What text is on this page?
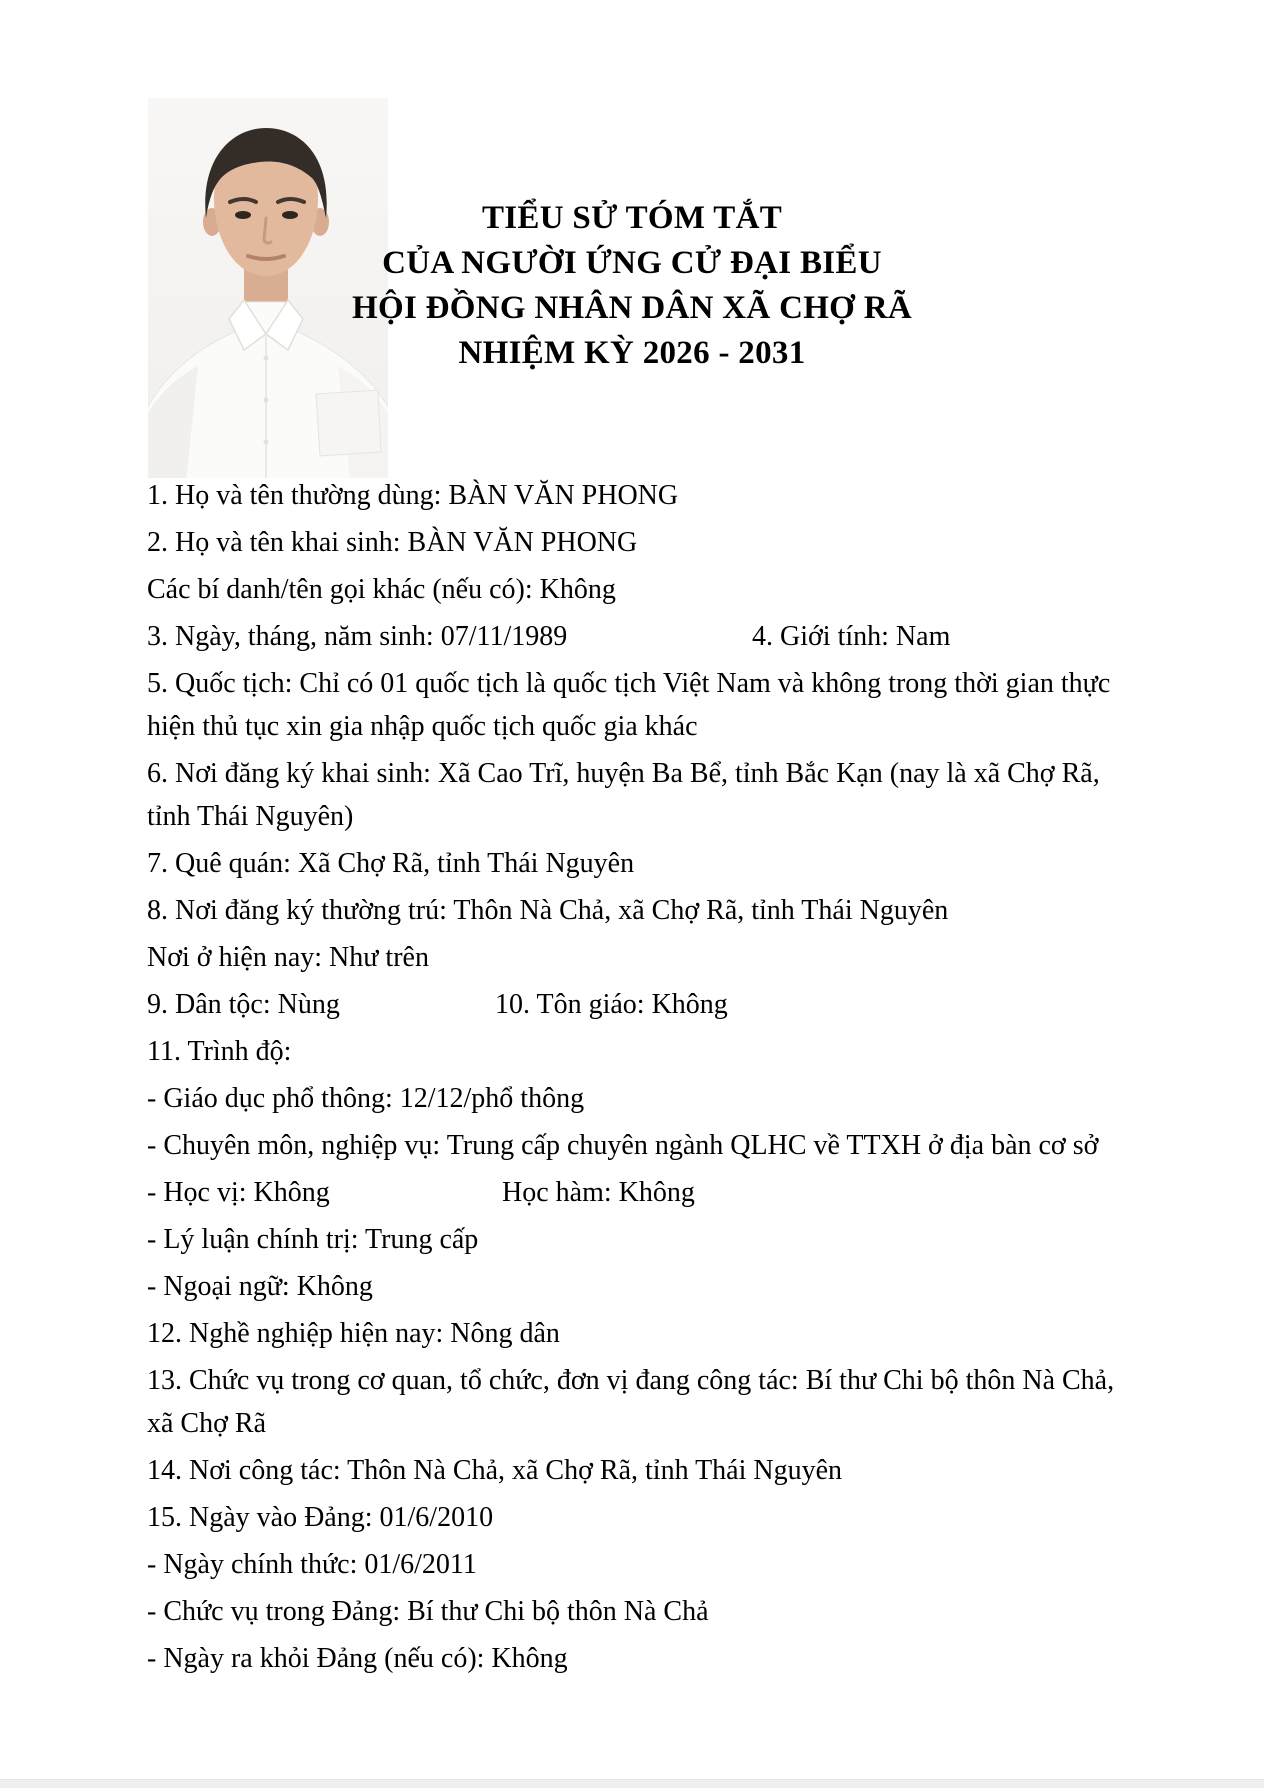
TIỂU SỬ TÓM TẮT
CỦA NGƯỜI ỨNG CỬ ĐẠI BIỂU
HỘI ĐỒNG NHÂN DÂN XÃ CHỢ RÃ
NHIỆM KỲ 2026 - 2031
1. Họ và tên thường dùng: BÀN VĂN PHONG
2. Họ và tên khai sinh: BÀN VĂN PHONG
Các bí danh/tên gọi khác (nếu có): Không
3. Ngày, tháng, năm sinh: 07/11/1989	4. Giới tính: Nam
5. Quốc tịch: Chỉ có 01 quốc tịch là quốc tịch Việt Nam và không trong thời gian thực
hiện thủ tục xin gia nhập quốc tịch quốc gia khác
6. Nơi đăng ký khai sinh: Xã Cao Trĩ, huyện Ba Bể, tỉnh Bắc Kạn (nay là xã Chợ Rã,
tỉnh Thái Nguyên)
7. Quê quán: Xã Chợ Rã, tỉnh Thái Nguyên
8. Nơi đăng ký thường trú: Thôn Nà Chả, xã Chợ Rã, tỉnh Thái Nguyên
Nơi ở hiện nay: Như trên
9. Dân tộc: Nùng	10. Tôn giáo: Không
11. Trình độ:
- Giáo dục phổ thông: 12/12/phổ thông
- Chuyên môn, nghiệp vụ: Trung cấp chuyên ngành QLHC về TTXH ở địa bàn cơ sở
- Học vị: Không	Học hàm: Không
- Lý luận chính trị: Trung cấp
- Ngoại ngữ: Không
12. Nghề nghiệp hiện nay: Nông dân
13. Chức vụ trong cơ quan, tổ chức, đơn vị đang công tác: Bí thư Chi bộ thôn Nà Chả,
xã Chợ Rã
14. Nơi công tác: Thôn Nà Chả, xã Chợ Rã, tỉnh Thái Nguyên
15. Ngày vào Đảng: 01/6/2010
- Ngày chính thức: 01/6/2011
- Chức vụ trong Đảng: Bí thư Chi bộ thôn Nà Chả
- Ngày ra khỏi Đảng (nếu có): Không
